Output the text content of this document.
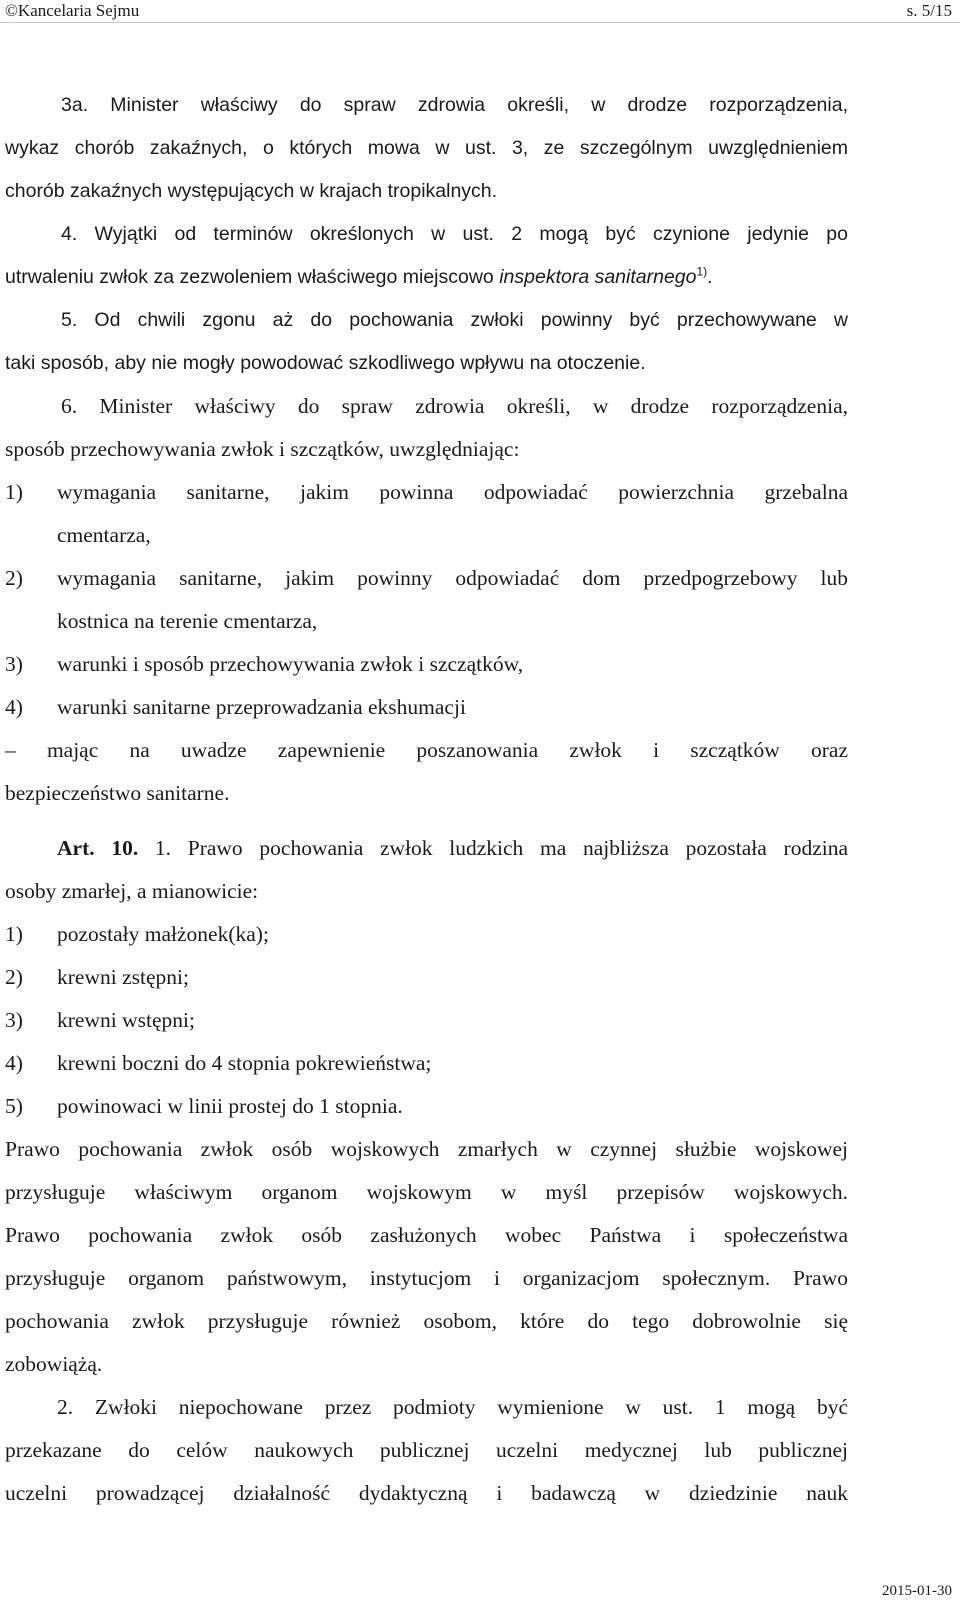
©Kancelaria Sejmu	s. 5/15
3a. Minister właściwy do spraw zdrowia określi, w drodze rozporządzenia,
wykaz chorób zakaźnych, o których mowa w ust. 3, ze szczególnym uwzględnieniem
chorób zakaźnych występujących w krajach tropikalnych.
4. Wyjątki od terminów określonych w ust. 2 mogą być czynione jedynie po
utrwaleniu zwłok za zezwoleniem właściwego miejscowo inspektora sanitarnego$^{1)}$.
5. Od chwili zgonu aż do pochowania zwłoki powinny być przechowywane w
taki sposób, aby nie mogły powodować szkodliwego wpływu na otoczenie.
6. Minister właściwy do spraw zdrowia określi, w drodze rozporządzenia,
sposób przechowywania zwłok i szczątków, uwzględniając:
1) wymagania sanitarne, jakim powinna odpowiadać powierzchnia grzebalna
cmentarza,
2) wymagania sanitarne, jakim powinny odpowiadać dom przedpogrzebowy lub
kostnica na terenie cmentarza,
3) warunki i sposób przechowywania zwłok i szczątków,
4) warunki sanitarne przeprowadzania ekshumacji
– mając na uwadze zapewnienie poszanowania zwłok i szczątków oraz
bezpieczeństwo sanitarne.
Art. 10. 1. Prawo pochowania zwłok ludzkich ma najbliższa pozostała rodzina
osoby zmarłej, a mianowicie:
1) pozostały małżonek(ka);
2) krewni zstępni;
3) krewni wstępni;
4) krewni boczni do 4 stopnia pokrewieństwa;
5) powinowaci w linii prostej do 1 stopnia.
Prawo pochowania zwłok osób wojskowych zmarłych w czynnej służbie wojskowej
przysługuje właściwym organom wojskowym w myśl przepisów wojskowych.
Prawo pochowania zwłok osób zasłużonych wobec Państwa i społeczeństwa
przysługuje organom państwowym, instytucjom i organizacjom społecznym. Prawo
pochowania zwłok przysługuje również osobom, które do tego dobrowolnie się
zobowiążą.
2. Zwłoki niepochowane przez podmioty wymienione w ust. 1 mogą być
przekazane do celów naukowych publicznej uczelni medycznej lub publicznej
uczelni prowadzącej działalność dydaktyczną i badawczą w dziedzinie nauk
2015-01-30
